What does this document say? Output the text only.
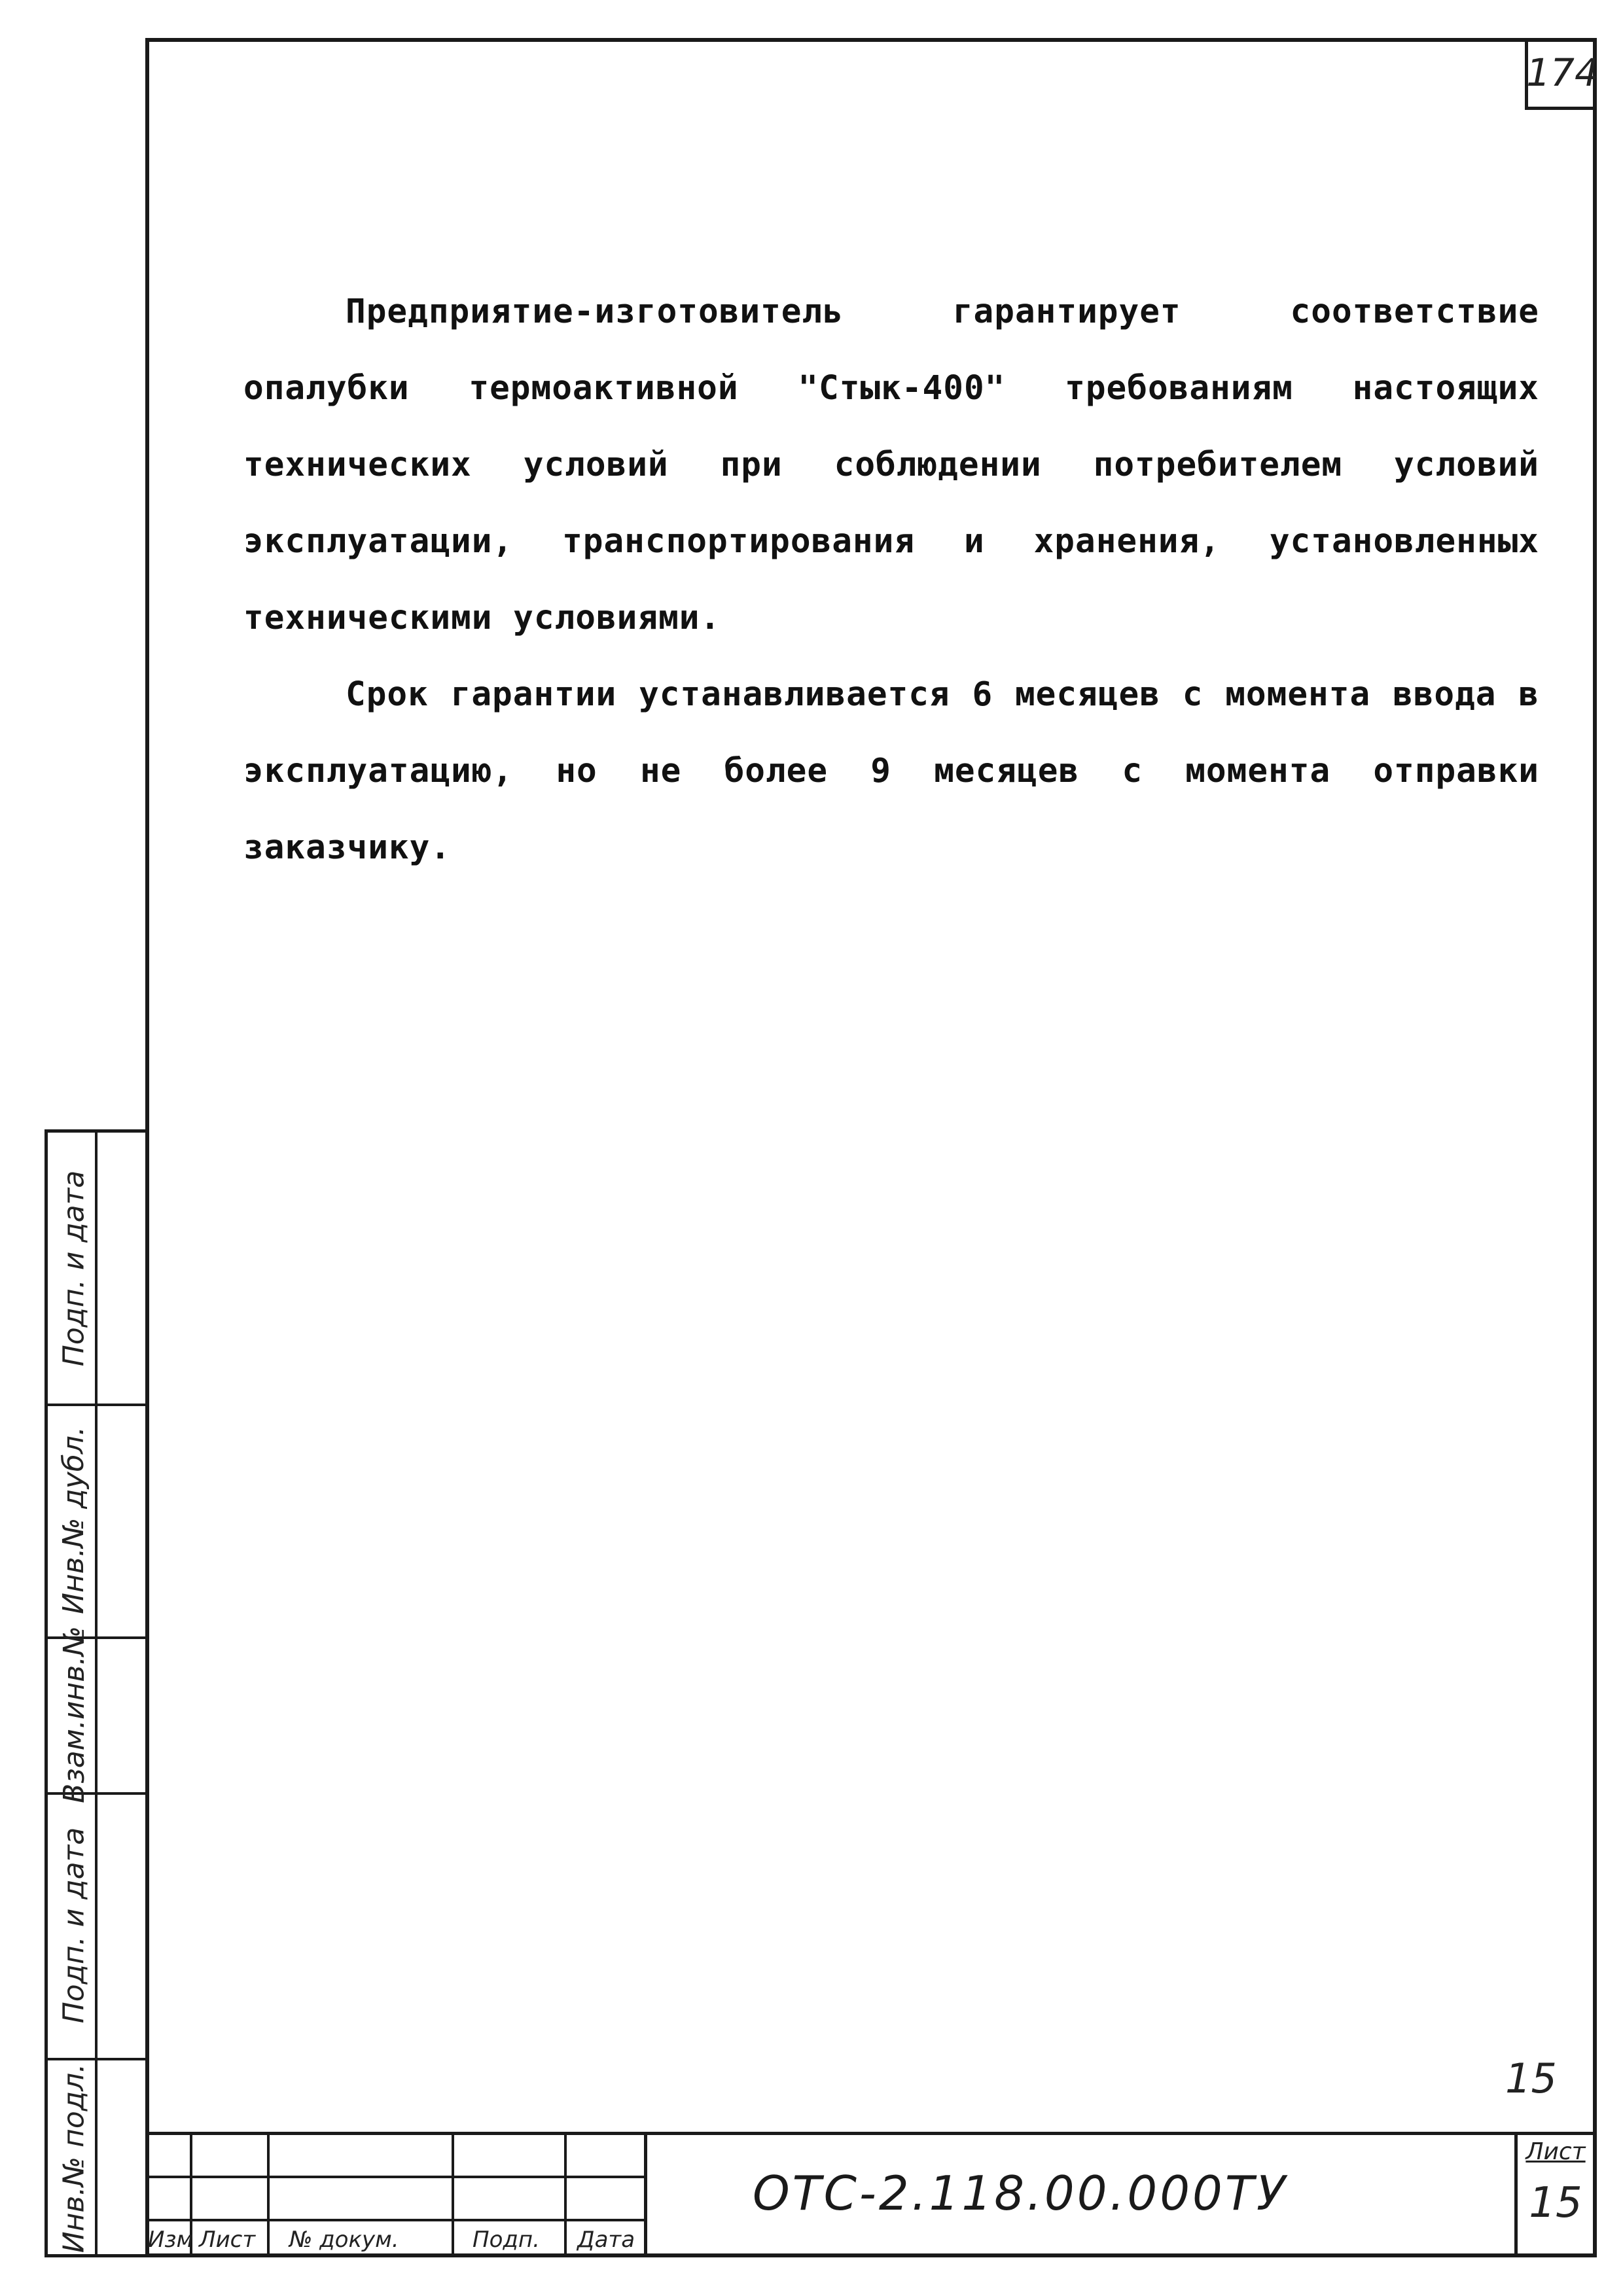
174

Предприятие-изготовитель гарантирует соответствие опалубки термоактивной "Стык-400" требованиям настоящих технических условий при соблюдении потребителем условий эксплуатации, транспортирования и хранения, установленных техническими условиями.

Срок гарантии устанавливается 6 месяцев с момента ввода в эксплуатацию, но не более 9 месяцев с момента отправки заказчику.

15
Подп. и дата
Инв.№ дубл.
Взам.инв.№
Подп. и дата
Инв.№ подл.	Изм Лист № докум.	Подп. Дата
ОТС-2.118.00.000ТУ
Лист
15
